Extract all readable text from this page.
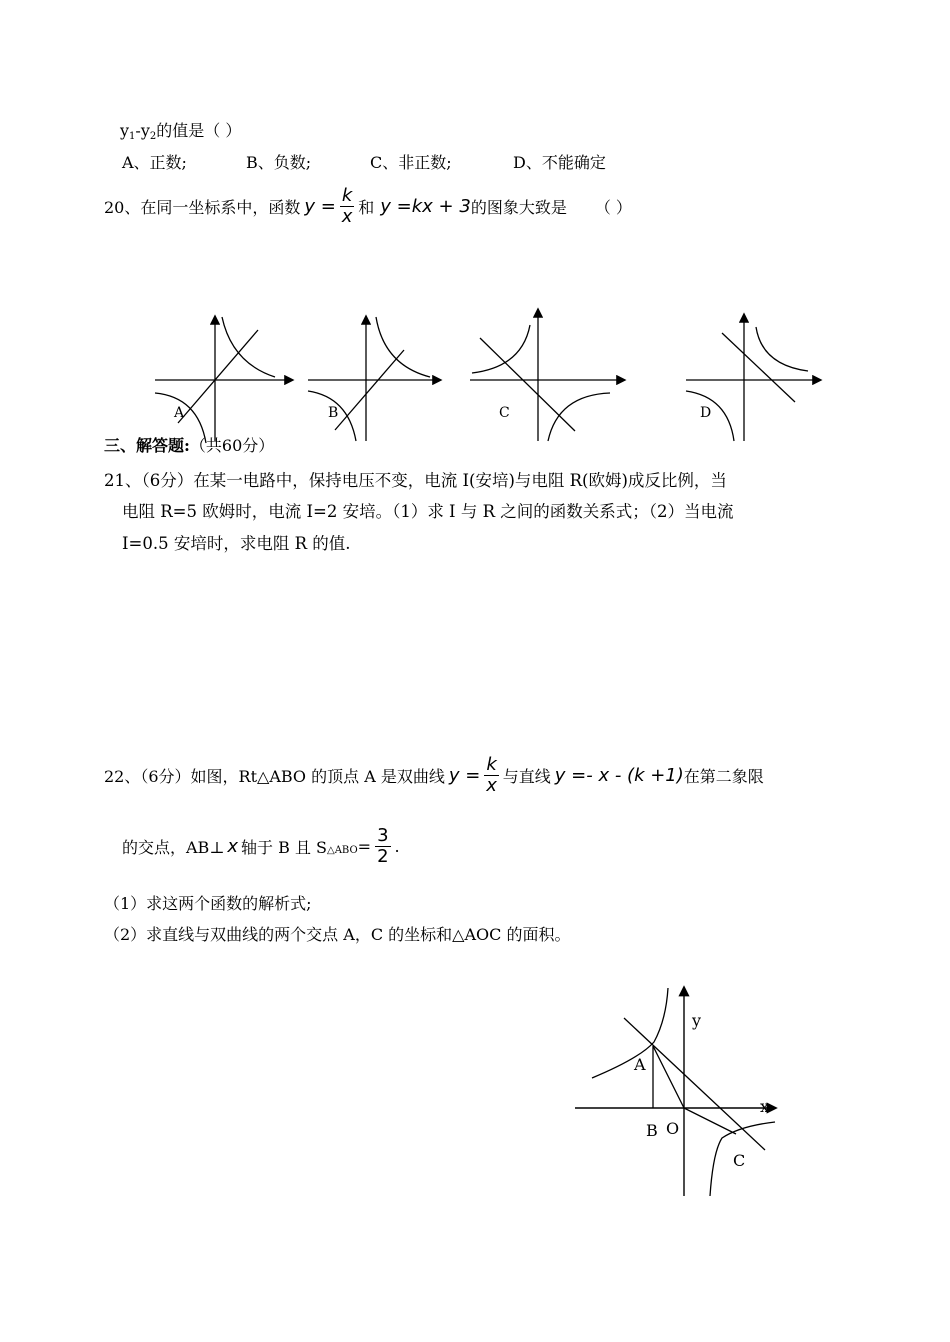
$y_1-y_2$的值是（ ）
A、正数;	B、负数;	C、非正数;	D、不能确定
20、在同一坐标系中，函数 $y = \frac{k}{x}$ 和 y =kx + 3 的图象大致是 （ ）
A	B	C	D
三、解答题:（共60分）
21、（6分）在某一电路中，保持电压不变，电流 I(安培)与电阻 R(欧姆)成反比例，当
电阻 R=5 欧姆时，电流 I=2 安培。（1）求 I 与 R 之间的函数关系式；（2）当电流
I=0.5 安培时，求电阻 R 的值.
22、（6分）如图，Rt△ABO 的顶点 A 是双曲线 $y = \frac{k}{x}$ 与直线 y =- x - (k +1) 在第二象限
的交点，AB⊥ x 轴于 B 且 S △ABO = $\frac{3}{2}$ .
（1）求这两个函数的解析式;
（2）求直线与双曲线的两个交点 A，C 的坐标和△AOC 的面积。
y
x
A
B O
C
